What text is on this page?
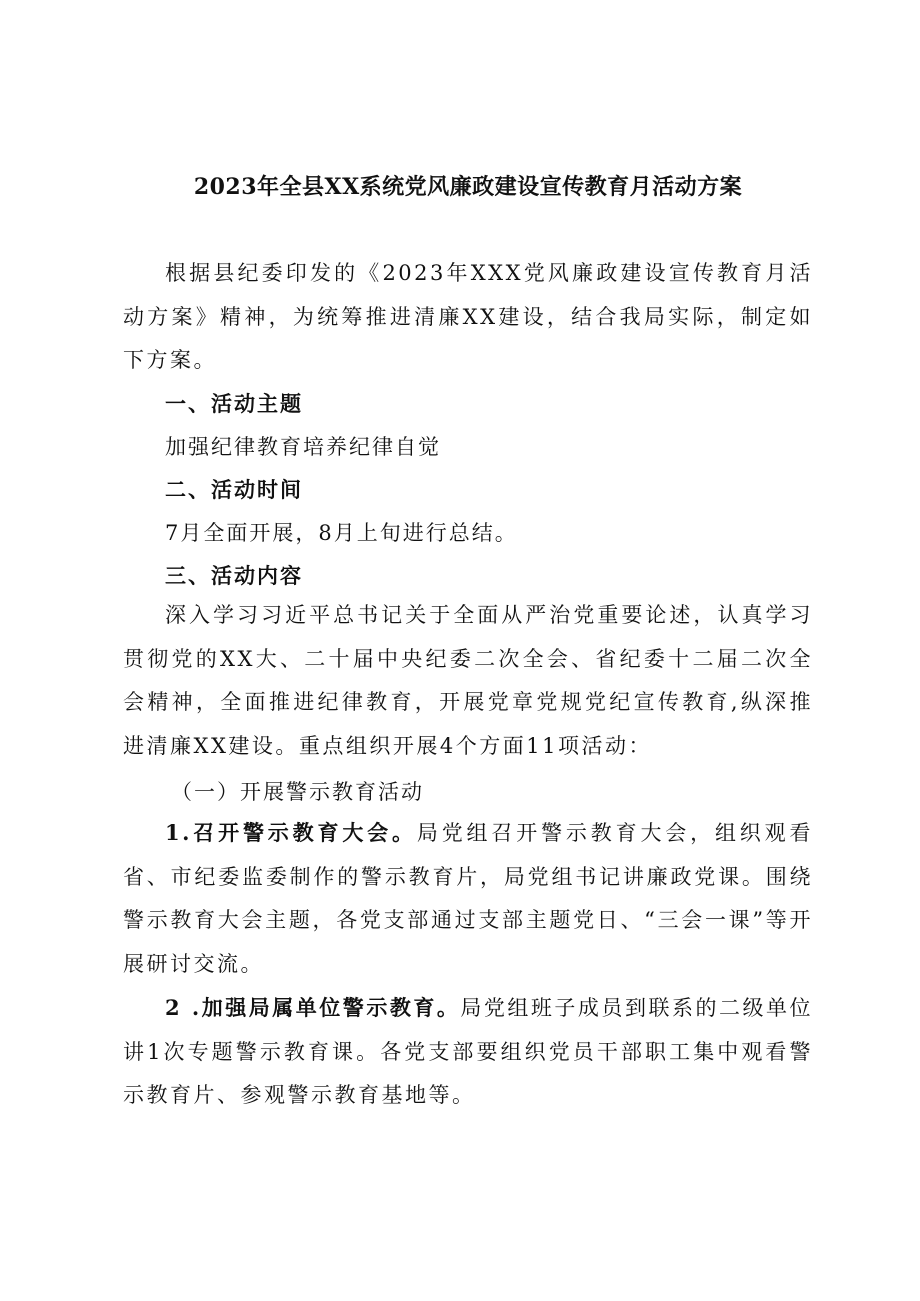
2023年全县XX系统党风廉政建设宣传教育月活动方案

根据县纪委印发的《2023年XXX党风廉政建设宣传教育月活动方案》精神，为统筹推进清廉XX建设，结合我局实际，制定如下方案。

一、活动主题

加强纪律教育培养纪律自觉

二、活动时间

7月全面开展，8月上旬进行总结。

三、活动内容

深入学习习近平总书记关于全面从严治党重要论述，认真学习贯彻党的XX大、二十届中央纪委二次全会、省纪委十二届二次全会精神，全面推进纪律教育，开展党章党规党纪宣传教育,纵深推进清廉XX建设。重点组织开展4个方面11项活动：

（一）开展警示教育活动

1.召开警示教育大会。局党组召开警示教育大会，组织观看省、市纪委监委制作的警示教育片，局党组书记讲廉政党课。围绕警示教育大会主题，各党支部通过支部主题党日、“三会一课”等开展研讨交流。

2 .加强局属单位警示教育。局党组班子成员到联系的二级单位讲1次专题警示教育课。各党支部要组织党员干部职工集中观看警示教育片、参观警示教育基地等。
